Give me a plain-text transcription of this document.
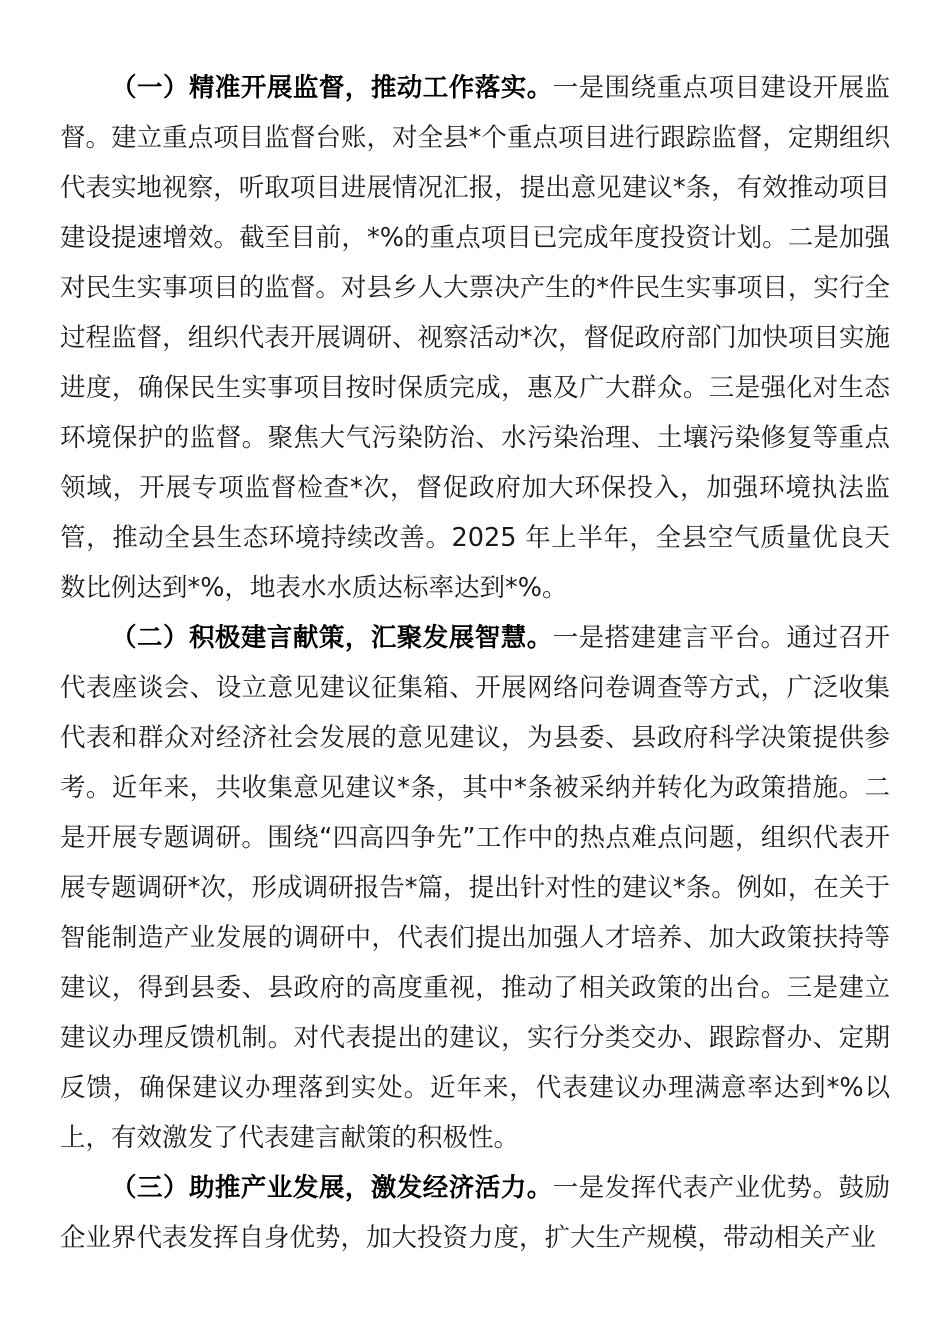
（一）精准开展监督，推动工作落实。一是围绕重点项目建设开展监督。建立重点项目监督台账，对全县*个重点项目进行跟踪监督，定期组织代表实地视察，听取项目进展情况汇报，提出意见建议*条，有效推动项目建设提速增效。截至目前，*%的重点项目已完成年度投资计划。二是加强对民生实事项目的监督。对县乡人大票决产生的*件民生实事项目，实行全过程监督，组织代表开展调研、视察活动*次，督促政府部门加快项目实施进度，确保民生实事项目按时保质完成，惠及广大群众。三是强化对生态环境保护的监督。聚焦大气污染防治、水污染治理、土壤污染修复等重点领域，开展专项监督检查*次，督促政府加大环保投入，加强环境执法监管，推动全县生态环境持续改善。2025 年上半年，全县空气质量优良天数比例达到*%，地表水水质达标率达到*%。

（二）积极建言献策，汇聚发展智慧。一是搭建建言平台。通过召开代表座谈会、设立意见建议征集箱、开展网络问卷调查等方式，广泛收集代表和群众对经济社会发展的意见建议，为县委、县政府科学决策提供参考。近年来，共收集意见建议*条，其中*条被采纳并转化为政策措施。二是开展专题调研。围绕“四高四争先”工作中的热点难点问题，组织代表开展专题调研*次，形成调研报告*篇，提出针对性的建议*条。例如，在关于智能制造产业发展的调研中，代表们提出加强人才培养、加大政策扶持等建议，得到县委、县政府的高度重视，推动了相关政策的出台。三是建立建议办理反馈机制。对代表提出的建议，实行分类交办、跟踪督办、定期反馈，确保建议办理落到实处。近年来，代表建议办理满意率达到*%以上，有效激发了代表建言献策的积极性。

（三）助推产业发展，激发经济活力。一是发挥代表产业优势。鼓励企业界代表发挥自身优势，加大投资力度，扩大生产规模，带动相关产业
